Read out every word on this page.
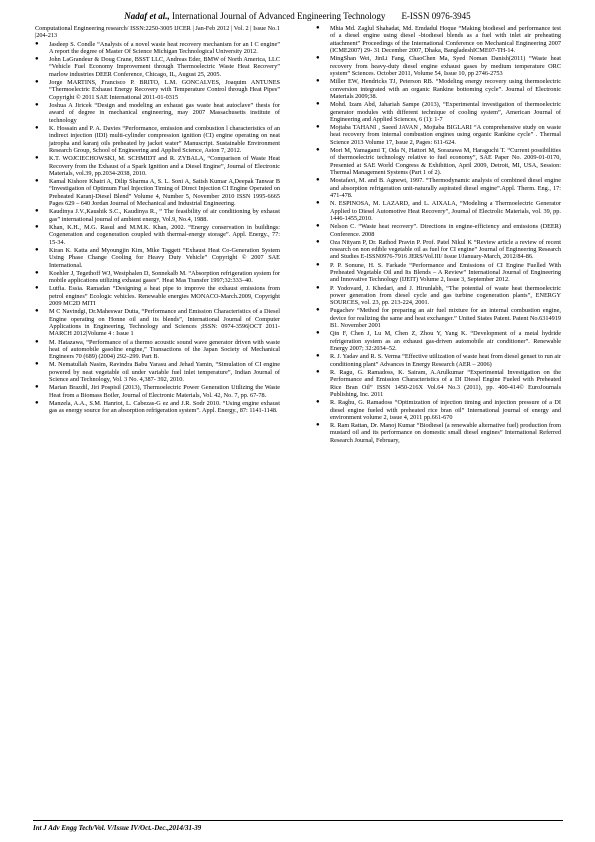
Nadaf et al., International Journal of Advanced Engineering Technology E-ISSN 0976-3945
Computational Engineering research/ ISSN:2250-3005 IJCER | Jan-Feb 2012 | Vol. 2 | Issue No.1 |204-213
● Jasdeep S. Condle “Analysis of a novel waste heat recovery mechanism for an I C engine” A report the degree of Master Of Science Michigan Technological University 2012.
● John LaGrandeur & Doug Crane, BSST LLC, Andreas Eder, BMW of North America, LLC “Vehicle Fuel Economy Improvement through Thermoelectric Waste Heat Recovery” marlow industries DEER Conference, Chicago, IL, August 25, 2005.
● Jorge MARTINS, Francisco P. BRITO, L.M. GONCALVES, Joaquim ANTUNES “Thermoelectric Exhaust Energy Recovery with Temperature Control through Heat Pipes” Copyright © 2011 SAE International 2011-01-0315
● Joshua A Jiricek “Design and modeling an exhaust gas waste heat autoclave” thesis for award of degree in mechanical engineering, may 2007 Massachusetts institute of technology
● K. Hossain and P. A. Davies “Performance, emission and combustion l characteristics of an indirect injection (IDI) multi-cylinder compression ignition (CI) engine operating on neat jatropha and karanj oils preheated by jacket water” Manuscript. Sustainable Environment Research Group, School of Engineering and Applied Science, Aston 7, 2012.
● K.T. WOJCIECHOWSKI, M. SCHMIDT and R. ZYBALA, “Comparison of Waste Heat Recovery from the Exhaust of a Spark Ignition and a Diesel Engine”, Journal of Electronic Materials, vol.39, pp.2034-2038, 2010.
● Kamal Kishore Khatri A, Dilip Sharma A, S. L. Soni A, Satish Kumar A,Deepak Tanwar B “Investigation of Optimum Fuel Injection Timing of Direct Injection CI Engine Operated on Preheated Karanj-Diesel Blend” Volume 4, Number 5, November 2010 ISSN 1995-6665 Pages 629 – 640 Jordan Journal of Mechanical and Industrial Engineering.
● Kaudinya J.V.,Kaushik S.C., Kaudinya R., “ The feasibility of air conditioning by exhaust gas” international journal of ambient energy, Vol.9, No.4, 1988.
● Khan, K.H., M.G. Rasul and M.M.K. Khan, 2002. “Energy conservation in buildings: Cogeneration and cogeneration coupled with thermal-energy storage”. Appl. Energy., 77: 15-34.
● Kiran K. Katta and Myoungjin Kim, Mike Taggett “Exhaust Heat Co-Generation System Using Phase Change Cooling for Heavy Duty Vehicle” Copyright © 2007 SAE International.
● Koehler J, Tegethoff WJ, Westphalen D, Sonnekalb M. “Absorption refrigeration system for mobile applications utilizing exhaust gases”. Heat Mas Transfer 1997;32:333–40.
● Lutfia. Essia. Ramadan “Designing a heat pipe to improve the exhaust emissions from petrol engines” Ecologic vehicles. Renewable energies MONACO-March.2009, Copyright 2009 MC2D MITI
● M C Navindgi, Dr.Maheswar Dutta, “Performance and Emission Characteristics of a Diesel Engine operating on Honne oil and its blends”, International Journal of Computer Applications in Engineering, Technology and Sciences ;ISSN: 0974-3596|OCT 2011-MARCH 2012|Volume 4 : Issue 1
● M. Hatazawa, “Performance of a thermo acoustic sound wave generator driven with waste heat of automobile gasoline engine,” Transactions of the Japan Society of Mechanical Engineers 70 (689) (2004) 292–299. Part B.
● M. Nematullah Nasim, Ravindra Babu Yarasu and Jehad Yamin, “Simulation of CI engine powered by neat vegetable oil under variable fuel inlet temperature”, Indian Journal of Science and Technology, Vol. 3 No. 4,387- 392, 2010.
● Marian Brazdil, Jiri Pospisil (2013), Thermoelectric Power Generation Utilizing the Waste Heat from a Biomass Boiler, Journal of Electronic Materials, Vol. 42, No. 7, pp. 67-78.
● Manzela, A.A., S.M. Hanriot, L. Cabezas-G ez and J.R. Sodr 2010. “Using engine exhaust gas as energy source for an absorption refrigeration system”. Appl. Energy., 87: 1141-1148.
● Mhia Md. Zaglul Shahadat, Md. Emdadul Hoque “Making biodiesel and performance test of a diesel engine using diesel -biodiesel blends as a fuel with inlet air preheating attachment” Proceedings of the International Conference on Mechanical Engineering 2007 (ICME2007) 29- 31 December 2007, Dhaka, BangladeshICME07-TH-14.
● MingShan Wei, JinLi Fang, ChaoChen Ma, Syed Noman Danish(2011) “Waste heat recovery from heavy-duty diesel engine exhaust gases by medium temperature ORC system” Sciences. October 2011, Volume 54, Issue 10, pp 2746-2753
● Miller EW, Hendricks TJ, Peterson RB. “Modeling energy recovery using thermoelectric conversion integrated with an organic Rankine bottoming cycle”. Journal of Electronic Materials 2009;38.
● Mohd. Izam Abd, Jahariah Sampe (2013), “Experimental investigation of thermoelectric generator modules with different technique of cooling system”, American Journal of Engineering and Applied Sciences, 6 (1): 1-7
● Mojtaba TAHANI , Saeed JAVAN , Mojtaba BIGLARI “A comprehensive study on waste heat recovery from internal combustion engines using organic Rankine cycle” . Thermal Science 2013 Volume 17, Issue 2, Pages: 611-624.
● Mori M, Yamagami T, Oda N, Hattori M, Sorazawa M, Haraguchi T. “Current possibilities of thermoelectric technology relative to fuel economy”, SAE Paper No. 2009-01-0170, Presented at SAE World Congress & Exhibition, April 2009, Detroit, MI, USA, Session: Thermal Management Systems (Part 1 of 2).
● Mostafavi, M. and B. Agnewt, 1997. “Thermodynamic analysis of combined diesel engine and absorption refrigeration unit-naturally aspirated diesel engine”.Appl. Therm. Eng., 17: 471-478.
● N. ESPINOSA, M. LAZARD, and L. AIXALA, “Modeling a Thermoelectric Generator Applied to Diesel Automotive Heat Recovery”, Journal of Electrolic Materials, vol. 39, pp. 1446-1455,2010.
● Nelson C. “Waste heat recovery”. Directions in engine-efficiency and emissions (DEER) Conference. 2008
● Oza Nityam P, Dr. Rathod Pravin P. Prof. Patel Nikul K “Review article a review of recent research on non edible vegetable oil as fuel for CI engine” Journal of Engineering Research and Studies E-ISSN0976-7916 JERS/Vol.III/ Issue I/January-March, 2012/84-86.
● P. P. Sonune, H. S. Farkade “Performance and Emissions of CI Engine Fuelled With Preheated Vegetable Oil and Its Blends – A Review” International Journal of Engineering and Innovative Technology (IJEIT) Volume 2, Issue 3, September 2012.
● P. Yodovard, J. Khedari, and J. Hirunlabh, “The potential of waste heat thermoelectric power generation from diesel cycle and gas turbine cogeneration plants”, ENERGY SOURCES, vol. 23, pp. 213-224, 2001.
● Pugachev “Method for preparing an air fuel mixture for an internal combustion engine, device for realizing the same and heat exchanger.” United States Patent. Patent No.6314919 B1. November 2001
● Qin F, Chen J, Lu M, Chen Z, Zhou Y, Yang K. “Development of a metal hydride refrigeration system as an exhaust gas-driven automobile air conditioner”. Renewable Energy 2007; 32:2034–52.
● R. J. Yadav and R. S. Verma “Effective utilization of waste heat from diesel genset to run air conditioning plant” Advances in Energy Research (AER – 2006)
● R. Ragu, G. Ramadoss, K. Sairam, A.Arulkumar “Experimental Investigation on the Performance and Emission Characteristics of a DI Diesel Engine Fueled with Preheated Rice Bran Oil” ISSN 1450-216X Vol.64 No.3 (2011), pp. 400-414© EuroJournals Publishing, Inc. 2011
● R. Raghu, G. Ramadoss “Optimization of injection timing and injection pressure of a DI diesel engine fueled with preheated rice bran oil” International journal of energy and environment volume 2, issue 4, 2011 pp.661-670
● R. Ram Rattan, Dr. Manoj Kumar “Biodiesel (a renewable alternative fuel) production from mustard oil and its performance on domestic small diesel engines” International Referred Research Journal, February,
Int J Adv Engg Tech/Vol. V/Issue IV/Oct.-Dec.,2014/31-39
